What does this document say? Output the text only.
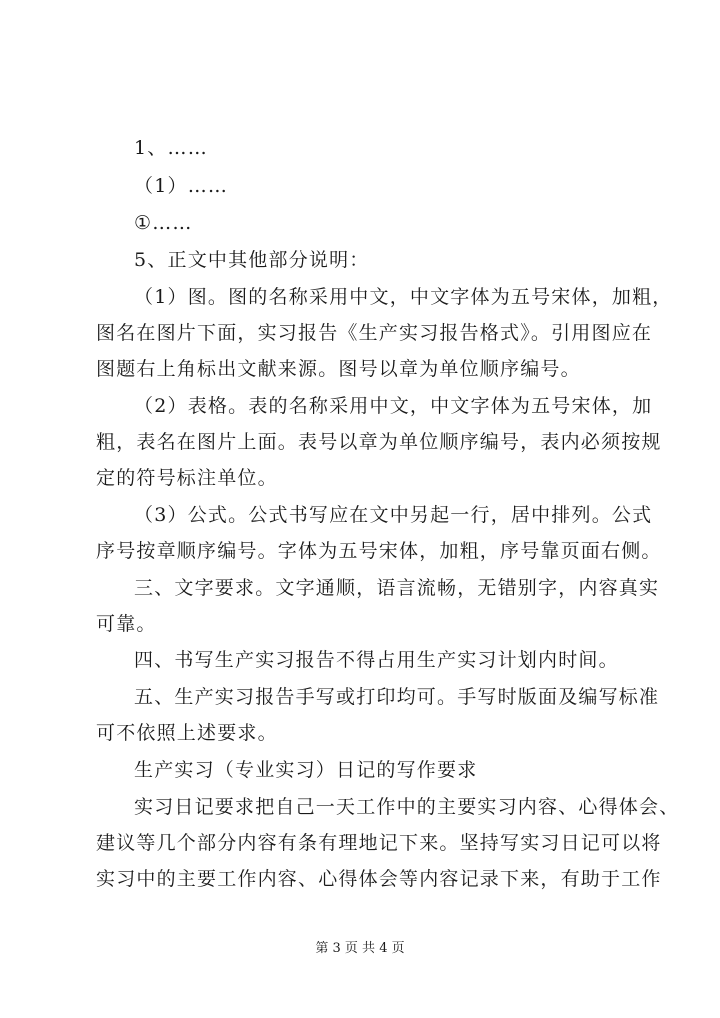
1、……
（1）……
①……
5、正文中其他部分说明：
（1）图。图的名称采用中文，中文字体为五号宋体，加粗，
图名在图片下面，实习报告《生产实习报告格式》。引用图应在
图题右上角标出文献来源。图号以章为单位顺序编号。
（2）表格。表的名称采用中文，中文字体为五号宋体，加
粗，表名在图片上面。表号以章为单位顺序编号，表内必须按规
定的符号标注单位。
（3）公式。公式书写应在文中另起一行，居中排列。公式
序号按章顺序编号。字体为五号宋体，加粗，序号靠页面右侧。
三、文字要求。文字通顺，语言流畅，无错别字，内容真实
可靠。
四、书写生产实习报告不得占用生产实习计划内时间。
五、生产实习报告手写或打印均可。手写时版面及编写标准
可不依照上述要求。
生产实习（专业实习）日记的写作要求
实习日记要求把自己一天工作中的主要实习内容、心得体会、
建议等几个部分内容有条有理地记下来。坚持写实习日记可以将
实习中的主要工作内容、心得体会等内容记录下来，有助于工作
第 3 页 共 4 页
